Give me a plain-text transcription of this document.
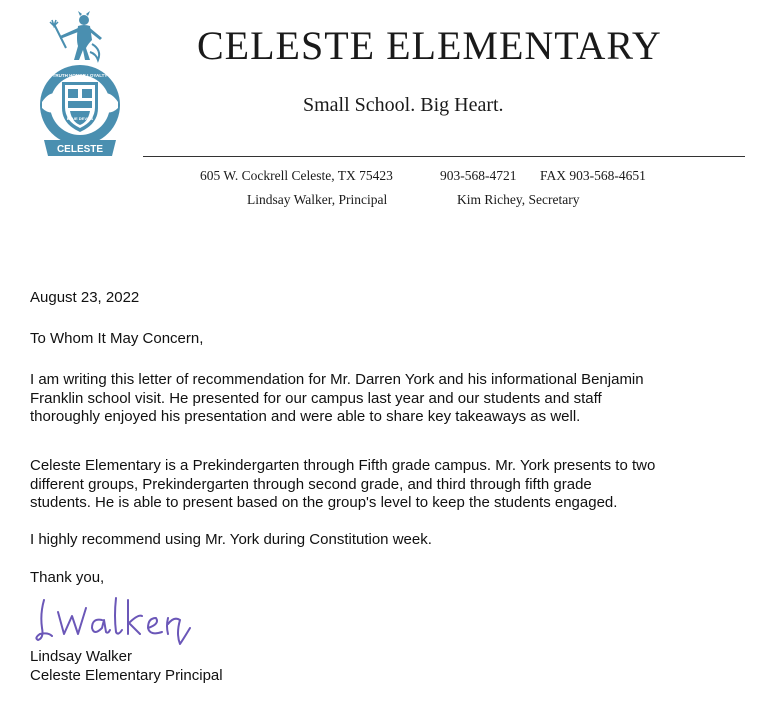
CELESTE
BLUE DEVILS
TRUTH HONOR LOYALTY
CELESTE ELEMENTARY
Small School. Big Heart.
605 W. Cockrell Celeste, TX 75423	903-568-4721 FAX 903-568-4651
Lindsay Walker, Principal	Kim Richey, Secretary
August 23, 2022
To Whom It May Concern,
I am writing this letter of recommendation for Mr. Darren York and his informational Benjamin
Franklin school visit. He presented for our campus last year and our students and staff
thoroughly enjoyed his presentation and were able to share key takeaways as well.
Celeste Elementary is a Prekindergarten through Fifth grade campus. Mr. York presents to two
different groups, Prekindergarten through second grade, and third through fifth grade
students. He is able to present based on the group's level to keep the students engaged.
I highly recommend using Mr. York during Constitution week.
Thank you,
Lindsay Walker
Celeste Elementary Principal
